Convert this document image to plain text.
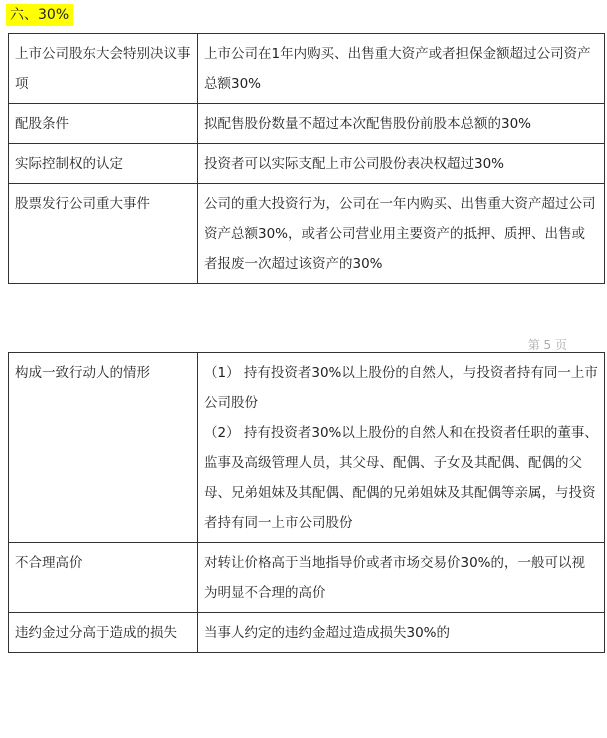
六、30%
上市公司股东大会特别决议事项	上市公司在1年内购买、出售重大资产或者担保金额超过公司资产总额30%
配股条件	拟配售股份数量不超过本次配售股份前股本总额的30%
实际控制权的认定	投资者可以实际支配上市公司股份表决权超过30%
股票发行公司重大事件	公司的重大投资行为，公司在一年内购买、出售重大资产超过公司资产总额30%，或者公司营业用主要资产的抵押、质押、出售或者报废一次超过该资产的30%
第 5 页
构成一致行动人的情形	（1） 持有投资者30%以上股份的自然人，与投资者持有同一上市公司股份
（2） 持有投资者30%以上股份的自然人和在投资者任职的董事、监事及高级管理人员，其父母、配偶、子女及其配偶、配偶的父母、兄弟姐妹及其配偶、配偶的兄弟姐妹及其配偶等亲属，与投资者持有同一上市公司股份

不合理高价	对转让价格高于当地指导价或者市场交易价30%的，一般可以视为明显不合理的高价
违约金过分高于造成的损失	当事人约定的违约金超过造成损失30%的
